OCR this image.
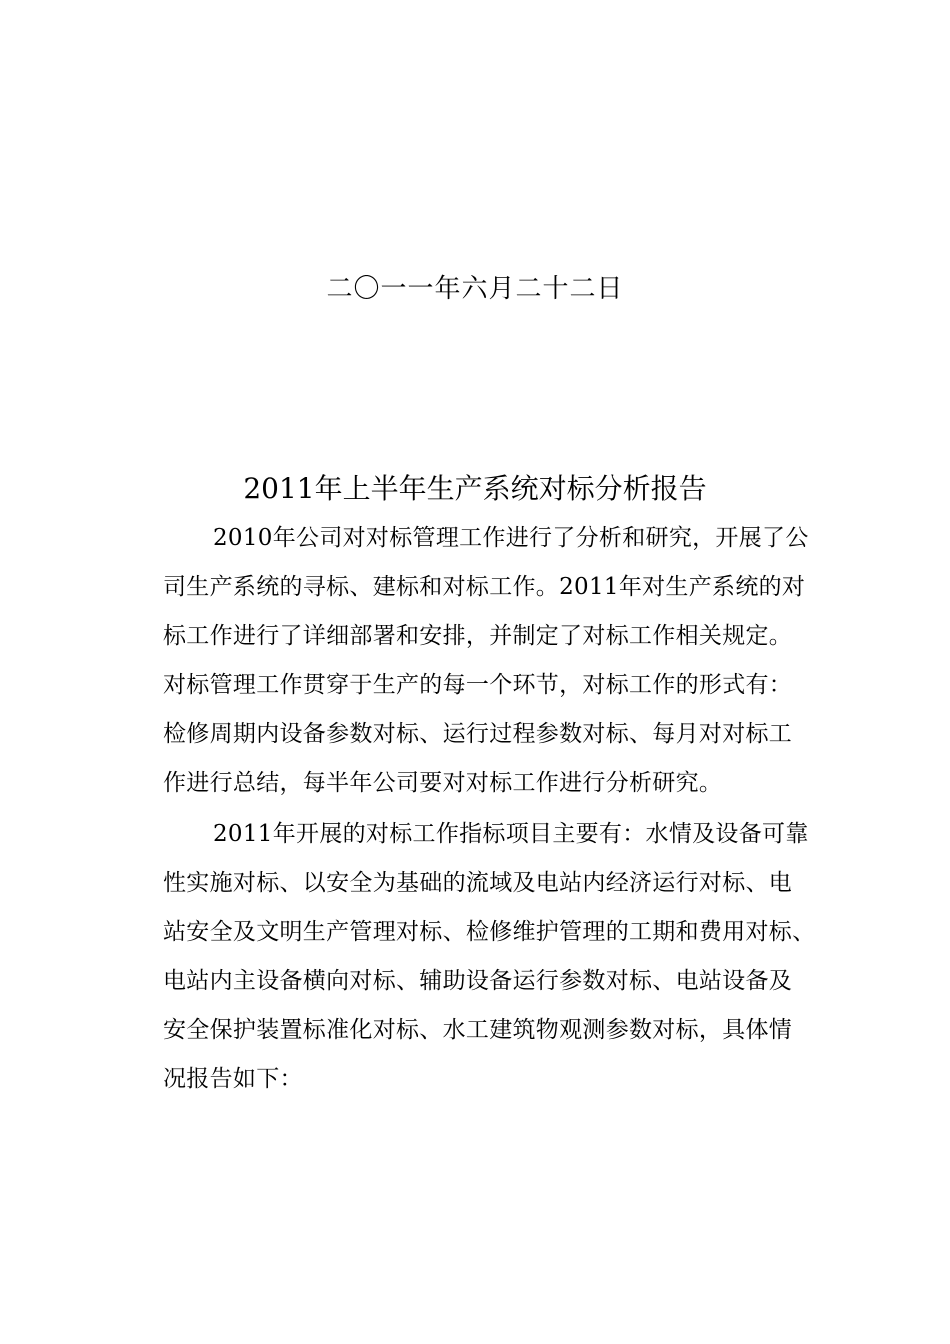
二〇一一年六月二十二日
2011年上半年生产系统对标分析报告
2010年公司对对标管理工作进行了分析和研究，开展了公
司生产系统的寻标、建标和对标工作。2011年对生产系统的对
标工作进行了详细部署和安排，并制定了对标工作相关规定。
对标管理工作贯穿于生产的每一个环节，对标工作的形式有：
检修周期内设备参数对标、运行过程参数对标、每月对对标工
作进行总结，每半年公司要对对标工作进行分析研究。
2011年开展的对标工作指标项目主要有：水情及设备可靠
性实施对标、以安全为基础的流域及电站内经济运行对标、电
站安全及文明生产管理对标、检修维护管理的工期和费用对标、
电站内主设备横向对标、辅助设备运行参数对标、电站设备及
安全保护装置标准化对标、水工建筑物观测参数对标，具体情
况报告如下：
